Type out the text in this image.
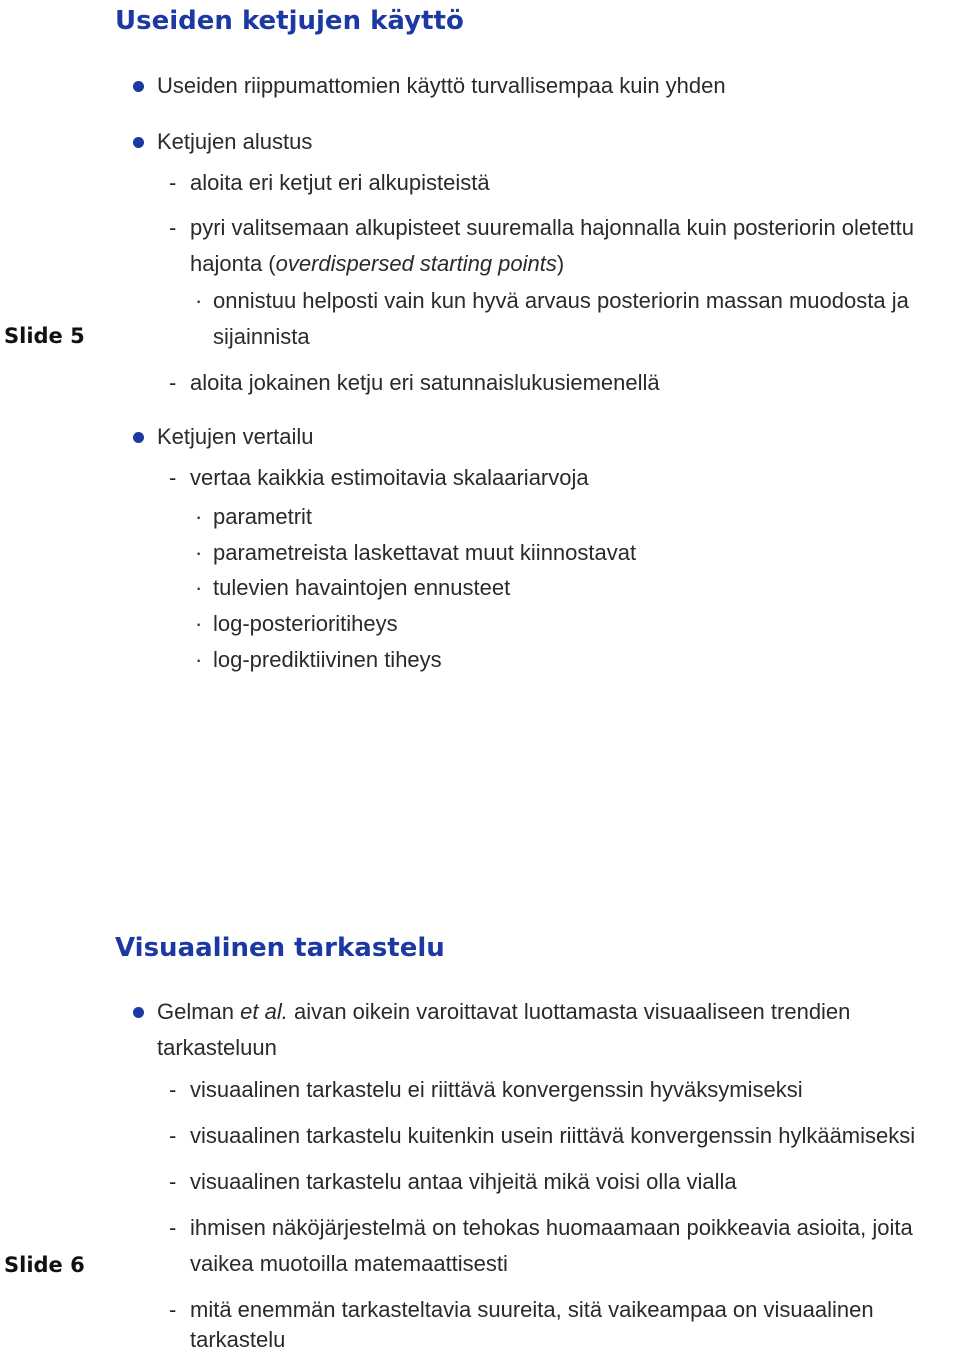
Useiden ketjujen käyttö
Useiden riippumattomien käyttö turvallisempaa kuin yhden
Ketjujen alustus
- aloita eri ketjut eri alkupisteistä
- pyri valitsemaan alkupisteet suuremalla hajonnalla kuin posteriorin oletettu
hajonta (overdispersed starting points)
· onnistuu helposti vain kun hyvä arvaus posteriorin massan muodosta ja
sijainnista
Slide 5
- aloita jokainen ketju eri satunnaislukusiemenellä
Ketjujen vertailu
- vertaa kaikkia estimoitavia skalaariarvoja
· parametrit
· parametreista laskettavat muut kiinnostavat
· tulevien havaintojen ennusteet
· log-posterioritiheys
· log-prediktiivinen tiheys
Visuaalinen tarkastelu
Gelman et al. aivan oikein varoittavat luottamasta visuaaliseen trendien
tarkasteluun
- visuaalinen tarkastelu ei riittävä konvergenssin hyväksymiseksi
- visuaalinen tarkastelu kuitenkin usein riittävä konvergenssin hylkäämiseksi
- visuaalinen tarkastelu antaa vihjeitä mikä voisi olla vialla
- ihmisen näköjärjestelmä on tehokas huomaamaan poikkeavia asioita, joita
vaikea muotoilla matemaattisesti
Slide 6
- mitä enemmän tarkasteltavia suureita, sitä vaikeampaa on visuaalinen
tarkastelu
